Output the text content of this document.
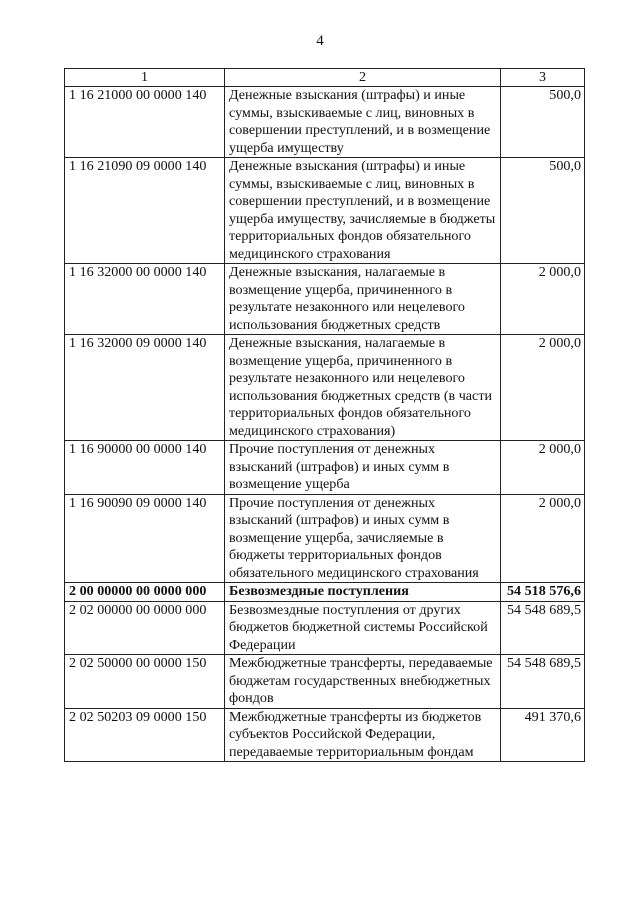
4
1	2	3
1 16 21000 00 0000 140	Денежные взыскания (штрафы) и иные суммы, взыскиваемые с лиц, виновных в совершении преступлений, и в возмещение ущерба имуществу	500,0
1 16 21090 09 0000 140	Денежные взыскания (штрафы) и иные суммы, взыскиваемые с лиц, виновных в совершении преступлений, и в возмещение ущерба имуществу, зачисляемые в бюджеты территориальных фондов обязательного медицинского страхования	500,0
1 16 32000 00 0000 140	Денежные взыскания, налагаемые в возмещение ущерба, причиненного в результате незаконного или нецелевого использования бюджетных средств	2 000,0
1 16 32000 09 0000 140	Денежные взыскания, налагаемые в возмещение ущерба, причиненного в результате незаконного или нецелевого использования бюджетных средств (в части территориальных фондов обязательного медицинского страхования)	2 000,0
1 16 90000 00 0000 140	Прочие поступления от денежных взысканий (штрафов) и иных сумм в возмещение ущерба	2 000,0
1 16 90090 09 0000 140	Прочие поступления от денежных взысканий (штрафов) и иных сумм в возмещение ущерба, зачисляемые в бюджеты территориальных фондов обязательного медицинского страхования	2 000,0
2 00 00000 00 0000 000	Безвозмездные поступления	54 518 576,6
2 02 00000 00 0000 000	Безвозмездные поступления от других бюджетов бюджетной системы Российской Федерации	54 548 689,5
2 02 50000 00 0000 150	Межбюджетные трансферты, передаваемые бюджетам государственных внебюджетных фондов	54 548 689,5
2 02 50203 09 0000 150	Межбюджетные трансферты из бюджетов субъектов Российской Федерации, передаваемые территориальным фондам	491 370,6
